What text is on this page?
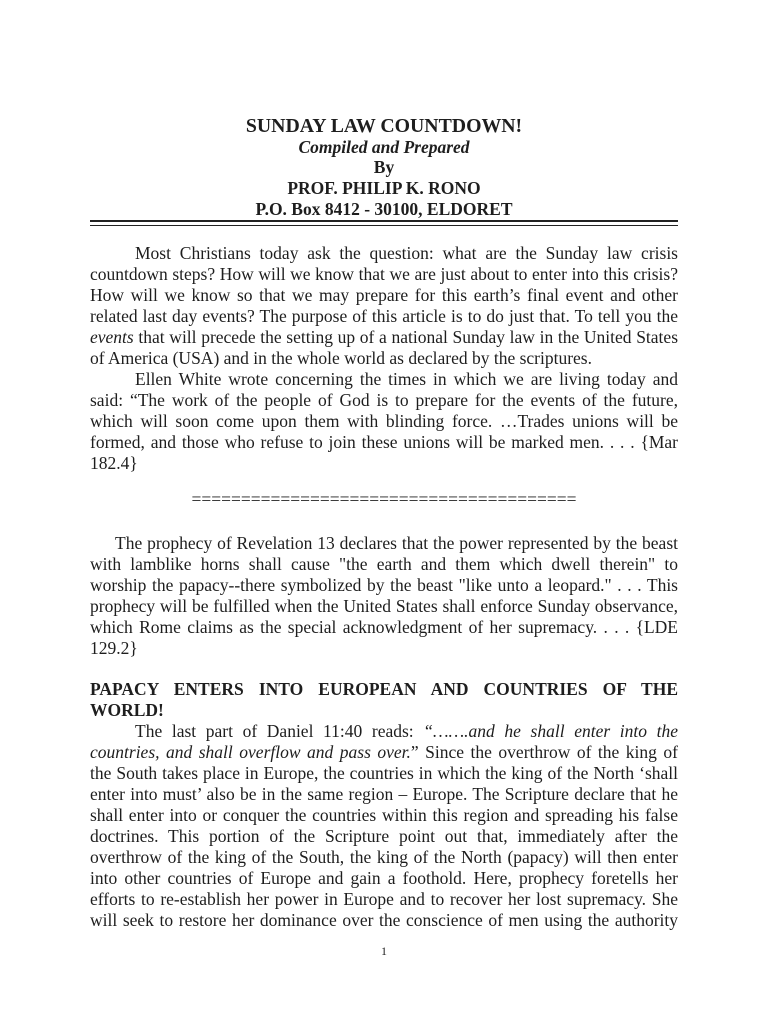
SUNDAY LAW COUNTDOWN!
Compiled and Prepared
By
PROF. PHILIP K. RONO
P.O. Box 8412 - 30100, ELDORET
Most Christians today ask the question: what are the Sunday law crisis
countdown steps? How will we know that we are just about to enter into this crisis?
How will we know so that we may prepare for this earth’s final event and other
related last day events? The purpose of this article is to do just that. To tell you the
events that will precede the setting up of a national Sunday law in the United States
of America (USA) and in the whole world as declared by the scriptures.
Ellen White wrote concerning the times in which we are living today and
said: “The work of the people of God is to prepare for the events of the future,
which will soon come upon them with blinding force. …Trades unions will be
formed, and those who refuse to join these unions will be marked men. . . . {Mar
182.4}
=======================================
The prophecy of Revelation 13 declares that the power represented by the beast
with lamblike horns shall cause "the earth and them which dwell therein" to
worship the papacy--there symbolized by the beast "like unto a leopard." . . . This
prophecy will be fulfilled when the United States shall enforce Sunday observance,
which Rome claims as the special acknowledgment of her supremacy. . . . {LDE
129.2}
PAPACY ENTERS INTO EUROPEAN AND COUNTRIES OF THE
WORLD!
The last part of Daniel 11:40 reads: “…….and he shall enter into the
countries, and shall overflow and pass over.” Since the overthrow of the king of
the South takes place in Europe, the countries in which the king of the North ‘shall
enter into must’ also be in the same region – Europe. The Scripture declare that he
shall enter into or conquer the countries within this region and spreading his false
doctrines. This portion of the Scripture point out that, immediately after the
overthrow of the king of the South, the king of the North (papacy) will then enter
into other countries of Europe and gain a foothold. Here, prophecy foretells her
efforts to re-establish her power in Europe and to recover her lost supremacy. She
will seek to restore her dominance over the conscience of men using the authority
1
